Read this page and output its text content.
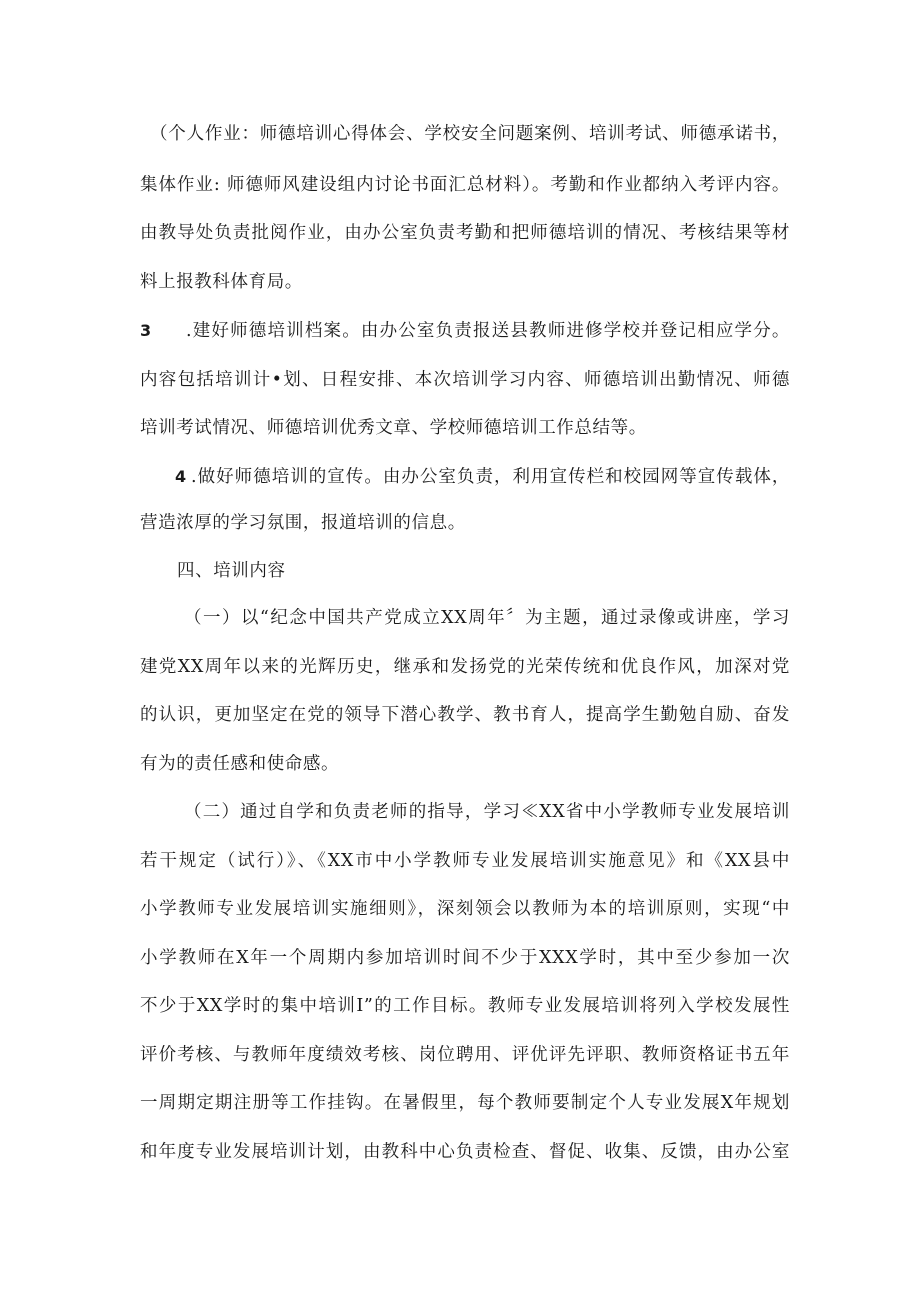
（个人作业：师德培训心得体会、学校安全问题案例、培训考试、师德承诺书，
集体作业: 师德师风建设组内讨论书面汇总材料）。考勤和作业都纳入考评内容。
由教导处负责批阅作业，由办公室负责考勤和把师德培训的情况、考核结果等材
料上报教科体育局。
3 .建好师德培训档案。由办公室负责报送县教师进修学校并登记相应学分。
内容包括培训计•划、日程安排、本次培训学习内容、师德培训出勤情况、师德
培训考试情况、师德培训优秀文章、学校师德培训工作总结等。
4 .做好师德培训的宣传。由办公室负责，利用宣传栏和校园网等宣传载体，
营造浓厚的学习氛围，报道培训的信息。
四、培训内容
（一）以“纪念中国共产党成立XX周年〞为主题，通过录像或讲座，学习
建党XX周年以来的光辉历史，继承和发扬党的光荣传统和优良作风，加深对党
的认识，更加坚定在党的领导下潜心教学、教书育人，提高学生勤勉自励、奋发
有为的责任感和使命感。
（二）通过自学和负责老师的指导，学习≪XX省中小学教师专业发展培训
若干规定（试行）》、《XX市中小学教师专业发展培训实施意见》和《XX县中
小学教师专业发展培训实施细则》，深刻领会以教师为本的培训原则，实现“中
小学教师在X年一个周期内参加培训时间不少于XXX学时，其中至少参加一次
不少于XX学时的集中培训I”的工作目标。教师专业发展培训将列入学校发展性
评价考核、与教师年度绩效考核、岗位聘用、评优评先评职、教师资格证书五年
一周期定期注册等工作挂钩。在暑假里，每个教师要制定个人专业发展X年规划
和年度专业发展培训计划，由教科中心负责检查、督促、收集、反馈，由办公室
